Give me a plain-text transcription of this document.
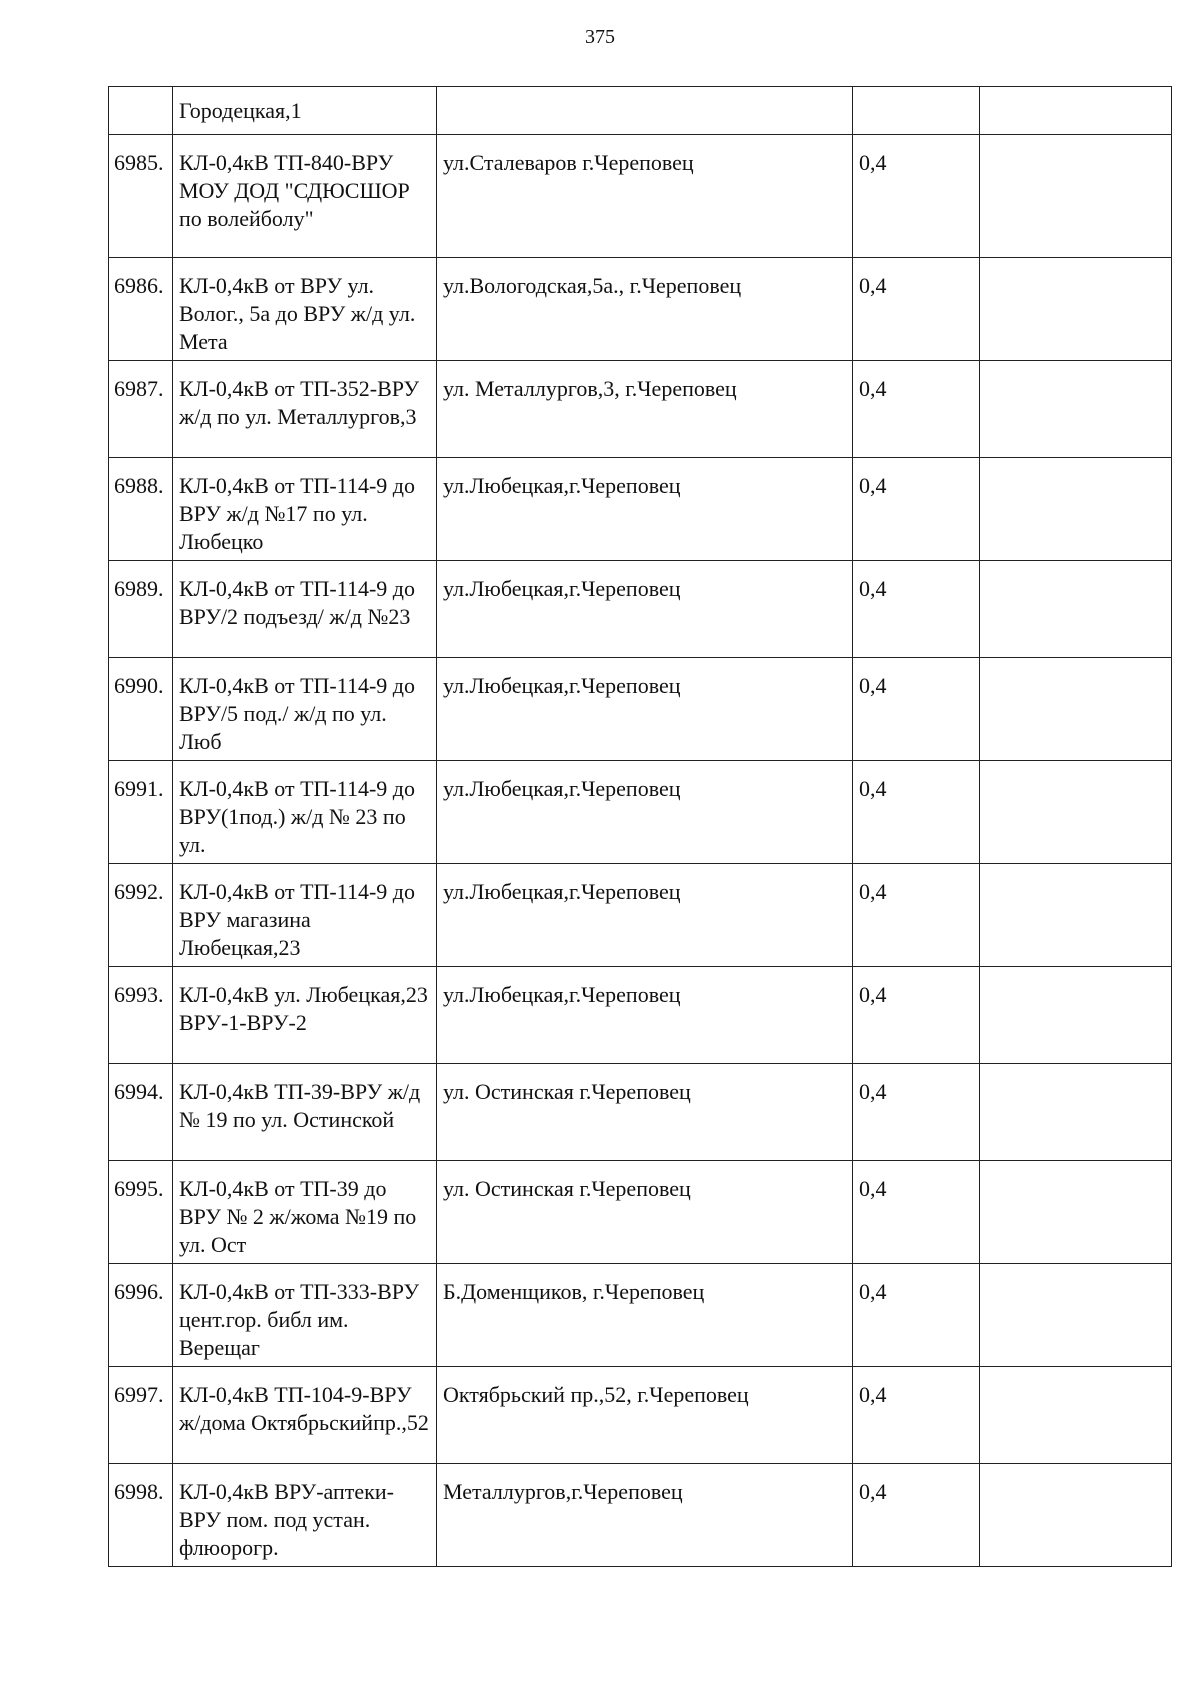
375
	Городецкая,1			
6985.	КЛ-0,4кВ ТП-840-ВРУ МОУ ДОД "СДЮСШОР по волейболу"	ул.Сталеваров г.Череповец	0,4	
6986.	КЛ-0,4кВ от ВРУ ул. Волог., 5а до ВРУ ж/д ул. Мета	ул.Вологодская,5а., г.Череповец	0,4	
6987.	КЛ-0,4кВ от ТП-352-ВРУ ж/д по ул. Металлургов,3	ул. Металлургов,3, г.Череповец	0,4	
6988.	КЛ-0,4кВ от ТП-114-9 до ВРУ ж/д №17 по ул. Любецко	ул.Любецкая,г.Череповец	0,4	
6989.	КЛ-0,4кВ от ТП-114-9 до ВРУ/2 подъезд/ ж/д №23	ул.Любецкая,г.Череповец	0,4	
6990.	КЛ-0,4кВ от ТП-114-9 до ВРУ/5 под./ ж/д по ул. Люб	ул.Любецкая,г.Череповец	0,4	
6991.	КЛ-0,4кВ от ТП-114-9 до ВРУ(1под.) ж/д № 23 по ул.	ул.Любецкая,г.Череповец	0,4	
6992.	КЛ-0,4кВ от ТП-114-9 до ВРУ магазина Любецкая,23	ул.Любецкая,г.Череповец	0,4	
6993.	КЛ-0,4кВ ул. Любецкая,23 ВРУ-1-ВРУ-2	ул.Любецкая,г.Череповец	0,4	
6994.	КЛ-0,4кВ ТП-39-ВРУ ж/д № 19 по ул. Остинской	ул. Остинская г.Череповец	0,4	
6995.	КЛ-0,4кВ от ТП-39 до ВРУ № 2 ж/жома №19 по ул. Ост	ул. Остинская г.Череповец	0,4	
6996.	КЛ-0,4кВ от ТП-333-ВРУ цент.гор. библ им. Верещаг	Б.Доменщиков, г.Череповец	0,4	
6997.	КЛ-0,4кВ ТП-104-9-ВРУ ж/дома Октябрьскийпр.,52	Октябрьский пр.,52, г.Череповец	0,4	
6998.	КЛ-0,4кВ ВРУ-аптеки-ВРУ пом. под устан. флюорогр.	Металлургов,г.Череповец	0,4	
